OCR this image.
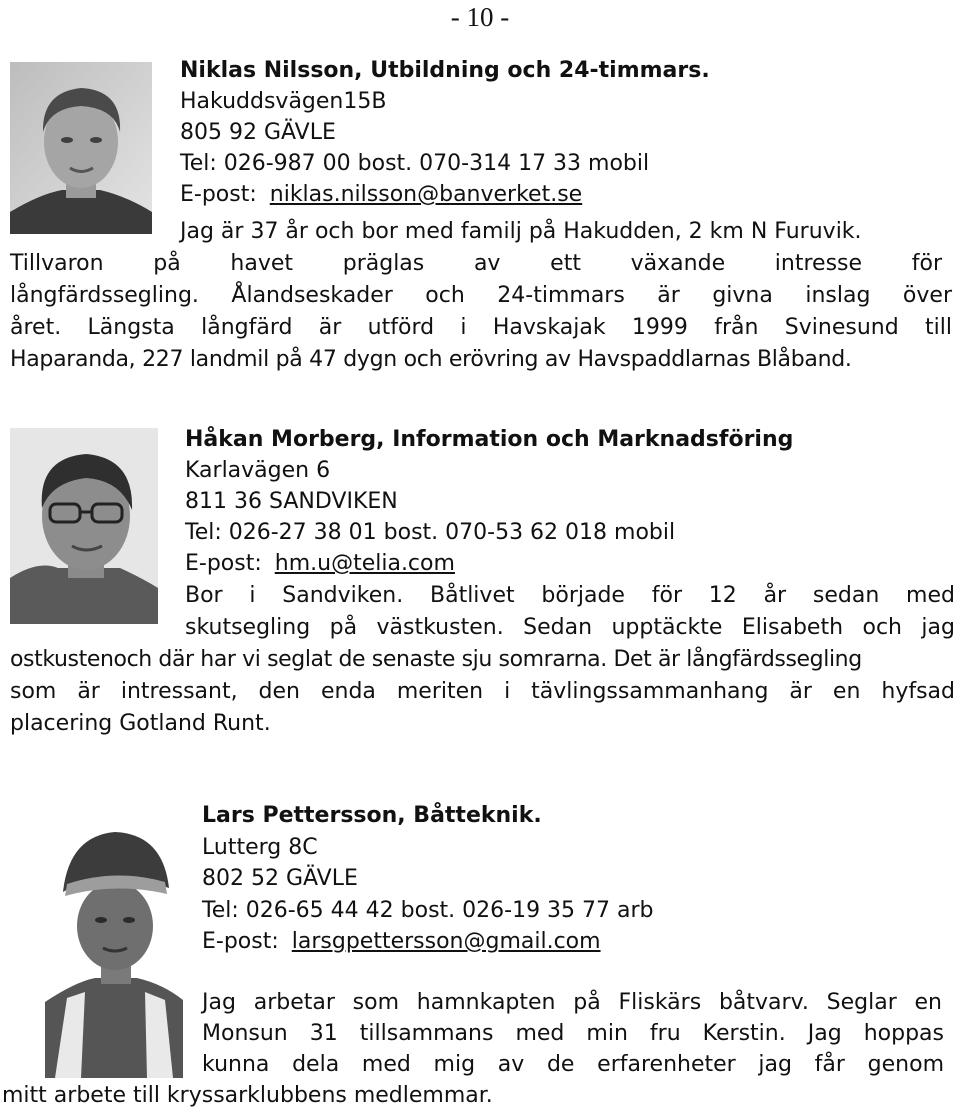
- 10 -
Niklas Nilsson, Utbildning och 24-timmars.
Hakuddsvägen15B
805 92 GÄVLE
Tel: 026-987 00 bost. 070-314 17 33 mobil
E-post: niklas.nilsson@banverket.se
Jag är 37 år och bor med familj på Hakudden, 2 km N Furuvik.
Tillvaron på havet präglas av ett växande intresse för
långfärdssegling. Ålandseskader och 24-timmars är givna inslag över
året. Längsta långfärd är utförd i Havskajak 1999 från Svinesund till
Haparanda, 227 landmil på 47 dygn och erövring av Havspaddlarnas Blåband.
Håkan Morberg, Information och Marknadsföring
Karlavägen 6
811 36 SANDVIKEN
Tel: 026-27 38 01 bost. 070-53 62 018 mobil
E-post: hm.u@telia.com
Bor i Sandviken. Båtlivet började för 12 år sedan med
skutsegling på västkusten. Sedan upptäckte Elisabeth och jag
ostkustenoch där har vi seglat de senaste sju somrarna. Det är långfärdssegling
som är intressant, den enda meriten i tävlingssammanhang är en hyfsad
placering Gotland Runt.
Lars Pettersson, Båtteknik.
Lutterg 8C
802 52 GÄVLE
Tel: 026-65 44 42 bost. 026-19 35 77 arb
E-post: larsgpettersson@gmail.com
Jag arbetar som hamnkapten på Fliskärs båtvarv. Seglar en
Monsun 31 tillsammans med min fru Kerstin. Jag hoppas
kunna dela med mig av de erfarenheter jag får genom
mitt arbete till kryssarklubbens medlemmar.
